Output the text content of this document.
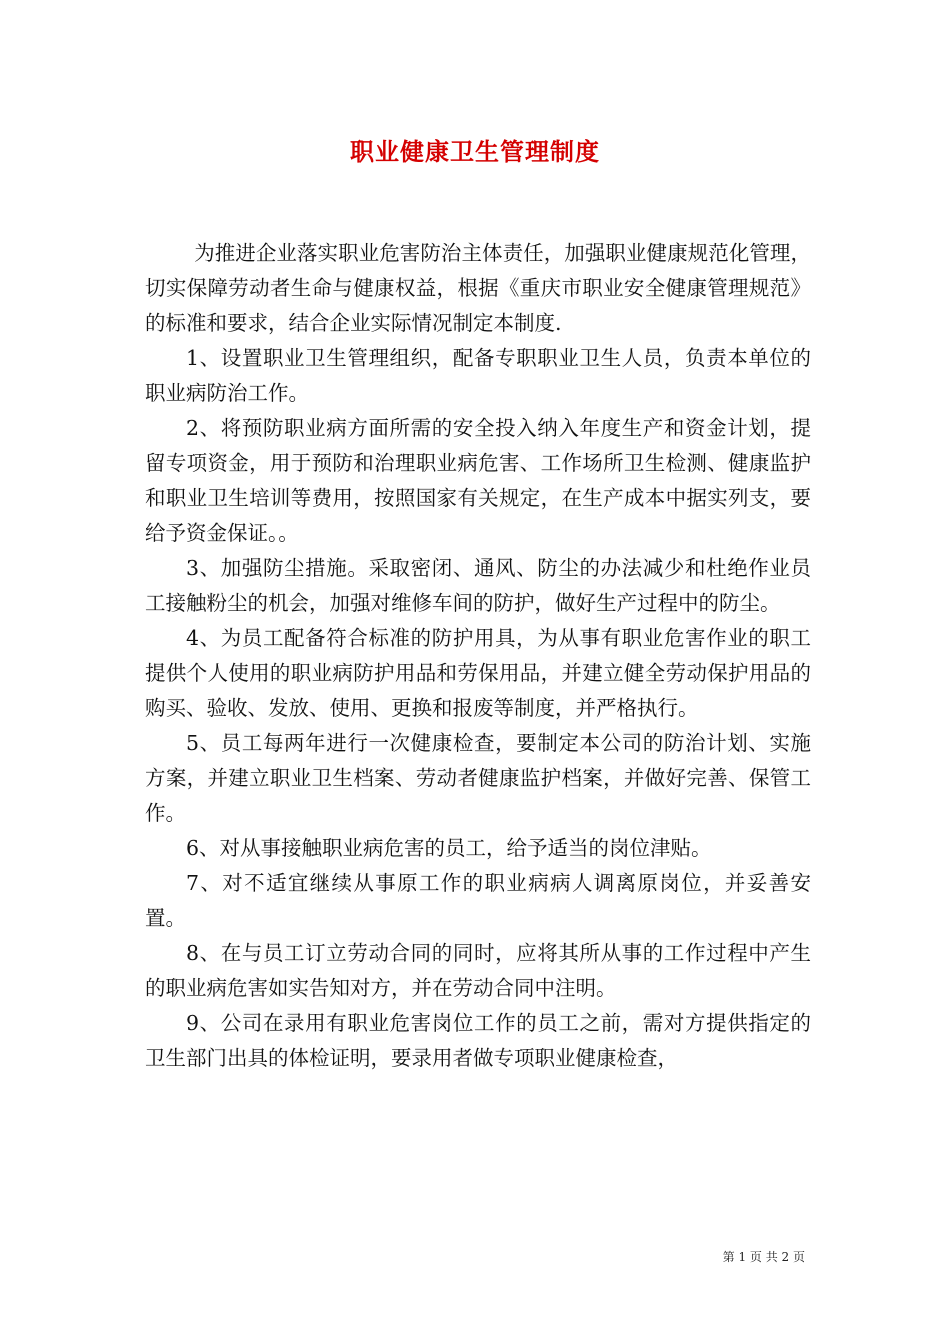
职业健康卫生管理制度

为推进企业落实职业危害防治主体责任，加强职业健康规范化管理，切实保障劳动者生命与健康权益，根据《重庆市职业安全健康管理规范》的标准和要求，结合企业实际情况制定本制度.

1、设置职业卫生管理组织，配备专职职业卫生人员，负责本单位的职业病防治工作。

2、将预防职业病方面所需的安全投入纳入年度生产和资金计划，提留专项资金，用于预防和治理职业病危害、工作场所卫生检测、健康监护和职业卫生培训等费用，按照国家有关规定，在生产成本中据实列支，要给予资金保证。。

3、加强防尘措施。采取密闭、通风、防尘的办法减少和杜绝作业员工接触粉尘的机会，加强对维修车间的防护，做好生产过程中的防尘。

4、为员工配备符合标准的防护用具，为从事有职业危害作业的职工提供个人使用的职业病防护用品和劳保用品，并建立健全劳动保护用品的购买、验收、发放、使用、更换和报废等制度，并严格执行。

5、员工每两年进行一次健康检查，要制定本公司的防治计划、实施方案，并建立职业卫生档案、劳动者健康监护档案，并做好完善、保管工作。

6、对从事接触职业病危害的员工，给予适当的岗位津贴。

7、对不适宜继续从事原工作的职业病病人调离原岗位，并妥善安置。

8、在与员工订立劳动合同的同时，应将其所从事的工作过程中产生的职业病危害如实告知对方，并在劳动合同中注明。

9、公司在录用有职业危害岗位工作的员工之前，需对方提供指定的卫生部门出具的体检证明，要录用者做专项职业健康检查，

第 1 页 共 2 页
